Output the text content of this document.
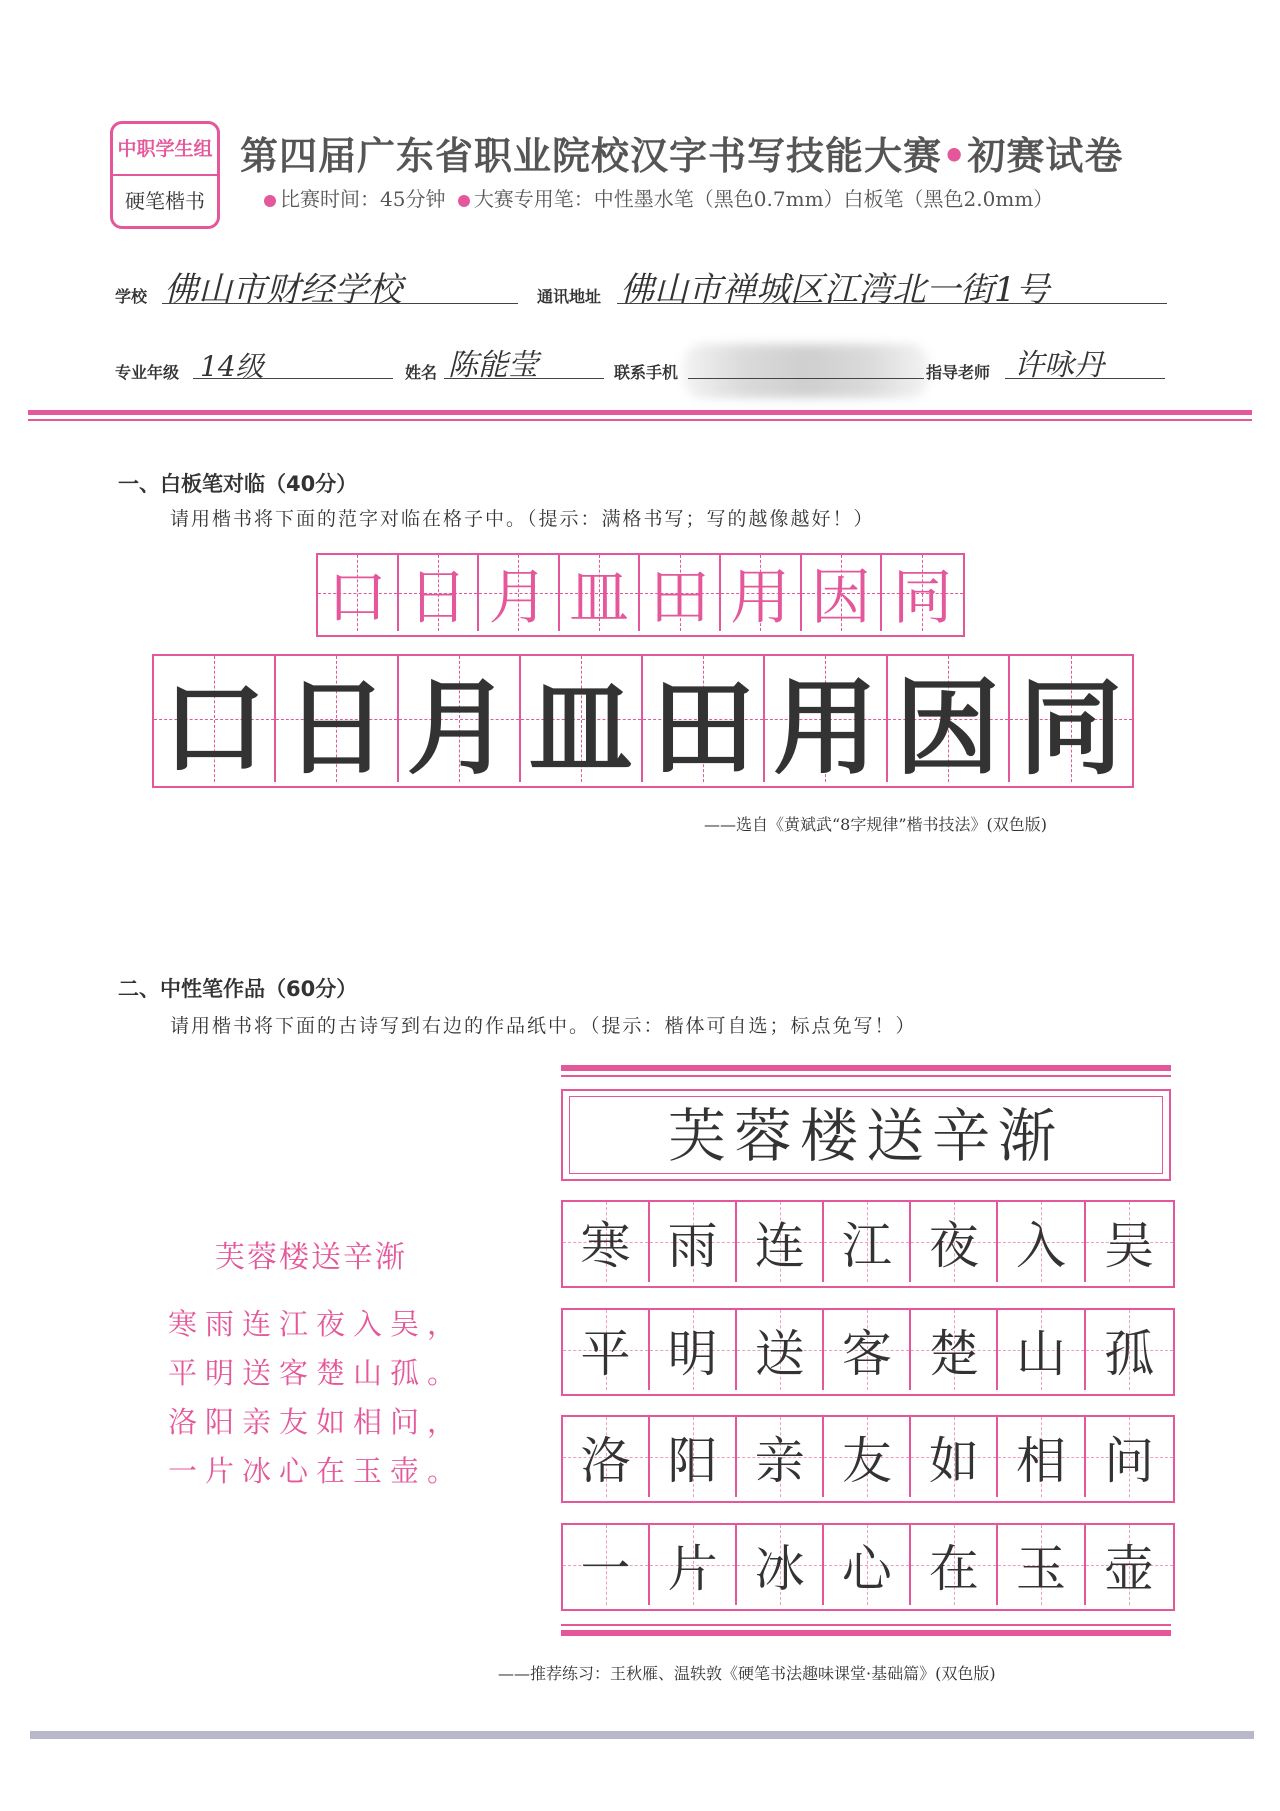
中职学生组
硬笔楷书
第四届广东省职业院校汉字书写技能大赛•初赛试卷
比赛时间：45分钟 大赛专用笔：中性墨水笔（黑色0.7mm）白板笔（黑色2.0mm）
学校 佛山市财经学校	通讯地址 佛山市禅城区江湾北一街1号
专业年级 14级	姓名 陈能莹	联系手机	指导老师 许咏丹
一、白板笔对临（40分）
请用楷书将下面的范字对临在格子中。（提示：满格书写；写的越像越好！）
口 日 月 皿 田 用 因 同
口 日 月 皿 田 用 因 同
——选自《黄斌武“8字规律”楷书技法》(双色版)
二、中性笔作品（60分）
请用楷书将下面的古诗写到右边的作品纸中。（提示：楷体可自选；标点免写！）
芙蓉楼送辛渐
寒雨连江夜入吴，
平明送客楚山孤。
洛阳亲友如相问，
一片冰心在玉壶。
芙蓉楼送辛渐
寒 雨 连 江 夜 入 吴
平 明 送 客 楚 山 孤
洛 阳 亲 友 如 相 问
一 片 冰 心 在 玉 壶
——推荐练习：王秋雁、温轶敦《硬笔书法趣味课堂·基础篇》(双色版)
